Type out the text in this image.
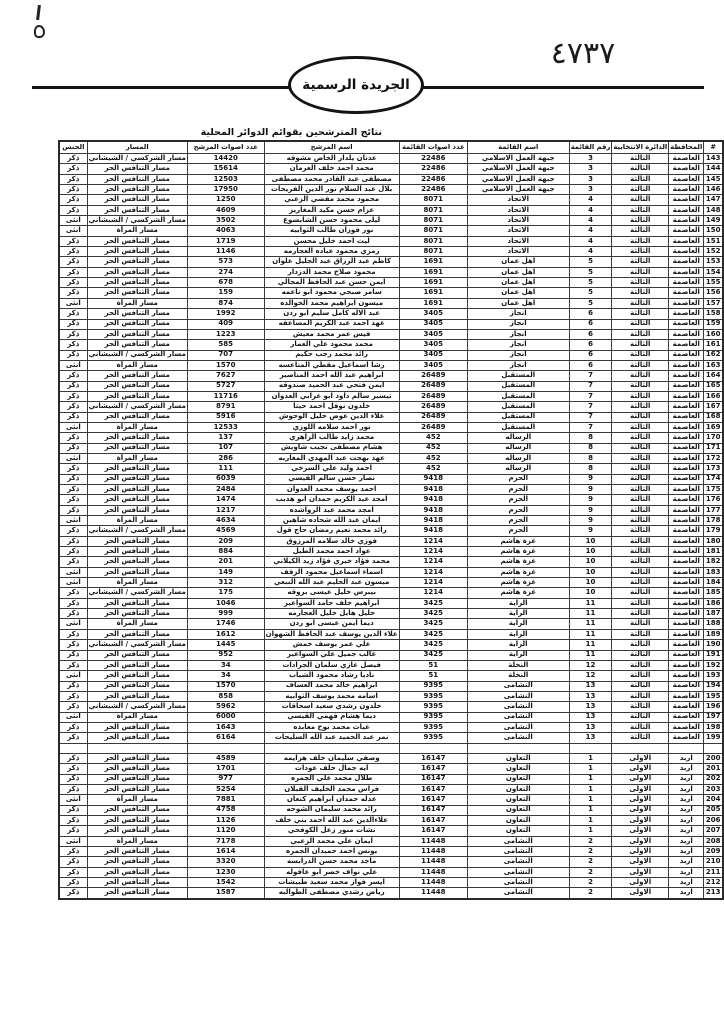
٤٧٣٧
الجريدة الرسمية
نتائج المترشحين بقوائم الدوائر المحلية
#	المحافظة	الدائرة الانتخابية	رقم القائمة	اسم القائمة	عدد اصوات القائمة	اسم المرشح	عدد اصوات المرشح	المسار	الجنس
143	العاصمة	الثالثة	3	جبهة العمل الاسلامي	22486	عدنان يلدار الخاص مشوقه	14420	مسار الشركسي / الشيشاني	ذكر
144	العاصمة	الثالثة	3	جبهة العمل الاسلامي	22486	محمد احمد خلف العرمان	15614	مسار التنافس الحر	ذكر
145	العاصمة	الثالثة	3	جبهة العمل الاسلامي	22486	مصطفى عبد القادر محمد مصطفى	12503	مسار التنافس الحر	ذكر
146	العاصمة	الثالثة	3	جبهة العمل الاسلامي	22486	بلال عبد السلام نور الدين الفريحات	17950	مسار التنافس الحر	ذكر
147	العاصمة	الثالثة	4	الاتحاد	8071	محمود محمد مفضي الزعبي	1250	مسار التنافس الحر	ذكر
148	العاصمة	الثالثة	4	الاتحاد	8071	عزام حسن مكيد المغاريز	4609	مسار التنافس الحر	ذكر
149	العاصمة	الثالثة	4	الاتحاد	8071	ليلى محمود حسن الشابسوغ	3502	مسار الشركسي / الشيشاني	انثى
150	العاصمة	الثالثة	4	الاتحاد	8071	نور فوزان طالب الثوابيه	4063	مسار المرأة	انثى
151	العاصمة	الثالثة	4	الاتحاد	8071	ليث احمد خليل محسن	1719	مسار التنافس الحر	ذكر
152	العاصمة	الثالثة	4	الاتحاد	8071	رمزي محمود عباده العجارمه	1146	مسار التنافس الحر	ذكر
153	العاصمة	الثالثة	5	اهل عمان	1691	كاظم عبد الرزاق عبد الجليل علوان	573	مسار التنافس الحر	ذكر
154	العاصمة	الثالثة	5	اهل عمان	1691	محمود صلاح محمد الدزدار	274	مسار التنافس الحر	ذكر
155	العاصمة	الثالثة	5	اهل عمان	1691	ايمن حسن عبد الحافظ المجالي	678	مسار التنافس الحر	ذكر
156	العاصمة	الثالثة	5	اهل عمان	1691	سامر صبحي محمود ابو ناعمه	159	مسار التنافس الحر	ذكر
157	العاصمة	الثالثة	5	اهل عمان	1691	ميسون ابراهيم محمد الخوالده	874	مسار المرأة	انثى
158	العاصمة	الثالثة	6	انجاز	3405	عبد الاله كامل سليم ابو ردن	1992	مسار التنافس الحر	ذكر
159	العاصمة	الثالثة	6	انجاز	3405	عهد احمد عبد الكريم المساعفه	409	مسار التنافس الحر	ذكر
160	العاصمة	الثالثة	6	انجاز	3405	قيس عمر محمد معيش	1223	مسار التنافس الحر	ذكر
161	العاصمة	الثالثة	6	انجاز	3405	محمد محمود علي العمار	585	مسار التنافس الحر	ذكر
162	العاصمة	الثالثة	6	انجاز	3405	رائد محمد رجب حكيم	707	مسار الشركسي / الشيشاني	ذكر
163	العاصمة	الثالثة	6	انجاز	3405	رشا اسماعيل مقطي المناعسه	1570	مسار المرأة	انثى
164	العاصمة	الثالثة	7	المستقبل	26489	ابراهيم عبد الله احمد المناصير	7627	مسار التنافس الحر	ذكر
165	العاصمة	الثالثة	7	المستقبل	26489	ايمن فتحي عبد الحميد صندوقه	5727	مسار التنافس الحر	ذكر
166	العاصمة	الثالثة	7	المستقبل	26489	تيسير سالم داود ابو عرابي العدوان	11716	مسار التنافس الحر	ذكر
167	العاصمة	الثالثة	7	المستقبل	26489	خلدون نوفل احمد حينا	8791	مسار الشركسي / الشيشاني	ذكر
168	العاصمة	الثالثة	7	المستقبل	26489	علاء الدين عوض خليل الوحوش	5916	مسار التنافس الحر	ذكر
169	العاصمة	الثالثة	7	المستقبل	26489	نور احمد سلامه اللوزي	12533	مسار المرأة	انثى
170	العاصمة	الثالثة	8	الرساله	452	محمد زايد طالب الزاهري	137	مسار التنافس الحر	ذكر
171	العاصمة	الثالثة	8	الرساله	452	هشام مصطفى نجيب شاويش	107	مسار التنافس الحر	ذكر
172	العاصمة	الثالثة	8	الرساله	452	عهد بهجت عبد المهدي المغاربه	286	مسار المرأة	انثى
173	العاصمة	الثالثة	8	الرساله	452	احمد وليد علي السرخي	111	مسار التنافس الحر	ذكر
174	العاصمة	الثالثة	9	الحزم	9418	نصار حسن سالم القيسي	6039	مسار التنافس الحر	ذكر
175	العاصمة	الثالثة	9	الحزم	9418	احمد يوسف محمد العدوان	2484	مسار التنافس الحر	ذكر
176	العاصمة	الثالثة	9	الحزم	9418	امجد عبد الكريم حمدان ابو هديب	1474	مسار التنافس الحر	ذكر
177	العاصمة	الثالثة	9	الحزم	9418	امجد محمد عبد الرواشده	1217	مسار التنافس الحر	ذكر
178	العاصمة	الثالثة	9	الحزم	9418	ايمان عبد الله شحاده شاهين	4634	مسار المرأة	انثى
179	العاصمة	الثالثة	9	الحزم	9418	رائد محمد نعيم رمضان حاج قول	4569	مسار الشركسي / الشيشاني	ذكر
180	العاصمة	الثالثة	10	غزة هاشم	1214	فوزي خالد سلامه المرزوق	209	مسار التنافس الحر	ذكر
181	العاصمة	الثالثة	10	غزة هاشم	1214	عواد احمد محمد الطيل	884	مسار التنافس الحر	ذكر
182	العاصمة	الثالثة	10	غزة هاشم	1214	محمد فؤاد خيري فؤاد زيد الكيلاني	201	مسار التنافس الحر	ذكر
183	العاصمة	الثالثة	10	غزة هاشم	1214	اسماء اسماعيل محمود الزقف	149	مسار التنافس الحر	انثى
184	العاصمة	الثالثة	10	غزة هاشم	1214	ميسون عبد الحليم عبد الله النبعي	312	مسار المرأة	انثى
185	العاصمة	الثالثة	10	غزة هاشم	1214	بيبرس خليل عيسى بروقه	175	مسار الشركسي / الشيشاني	ذكر
186	العاصمة	الثالثة	11	الراية	3425	ابراهيم خلف حامد السواعير	1046	مسار التنافس الحر	ذكر
187	العاصمة	الثالثة	11	الراية	3425	خليل هايل خليل العجارمه	999	مسار التنافس الحر	ذكر
188	العاصمة	الثالثة	11	الراية	3425	ديما ايمن عيسى ابو ردن	1746	مسار المرأة	انثى
189	العاصمة	الثالثة	11	الراية	3425	علاء الدين يوسف عبد الحافظ الشهوان	1612	مسار التنافس الحر	ذكر
190	العاصمة	الثالثة	11	الراية	3425	علي عمر يوسف خمش	1445	مسار الشركسي / الشيشاني	ذكر
191	العاصمة	الثالثة	11	الراية	3425	غالب جميل علي السواعير	952	مسار التنافس الحر	ذكر
192	العاصمة	الثالثة	12	النخلة	51	فيصل غازي سلمان الجرادات	34	مسار التنافس الحر	ذكر
193	العاصمة	الثالثة	12	النخلة	51	ناديا رشاد محمود الشياب	34	مسار التنافس الحر	انثى
194	العاصمة	الثالثة	13	النشامى	9395	ابراهيم خالد محمد العساف	1570	مسار التنافس الحر	ذكر
195	العاصمة	الثالثة	13	النشامى	9395	اسامه محمد يوسف الثوابيه	858	مسار التنافس الحر	ذكر
196	العاصمة	الثالثة	13	النشامى	9395	خلدون رشدي سعيد اسحاقات	5962	مسار الشركسي / الشيشاني	ذكر
197	العاصمة	الثالثة	13	النشامى	9395	ديما هشام فهمي القيسي	6000	مسار المرأة	انثى
198	العاصمة	الثالثة	13	النشامى	9395	غياث محمد نوح معابده	1643	مسار التنافس الحر	ذكر
199	العاصمة	الثالثة	13	النشامى	9395	نمر عبد الحميد عبد الله السليحات	6164	مسار التنافس الحر	ذكر

200	اربد	الاولى	1	التعاون	16147	وصفي سليمان خلف هزايمه	4589	مسار التنافس الحر	ذكر
201	اربد	الاولى	1	التعاون	16147	ايه جمال خلف عودات	1701	مسار التنافس الحر	ذكر
202	اربد	الاولى	1	التعاون	16147	طلال محمد علي الجمره	977	مسار التنافس الحر	ذكر
203	اربد	الاولى	1	التعاون	16147	فراس محمد الخليف القبلان	5254	مسار التنافس الحر	ذكر
204	اربد	الاولى	1	التعاون	16147	عدله حمدان ابراهيم كنعان	7881	مسار المرأة	انثى
205	اربد	الاولى	1	التعاون	16147	رائد محمد سليمان الشوحه	4758	مسار التنافس الحر	ذكر
206	اربد	الاولى	1	التعاون	16147	علاءالدين عبد الله احمد بني خلف	1126	مسار التنافس الحر	ذكر
207	اربد	الاولى	1	التعاون	16147	نشات منور زعل الكوفحي	1120	مسار التنافس الحر	ذكر
208	اربد	الاولى	2	النشامى	11448	ايمان علي محمد الزعبي	7178	مسار المرأة	انثى
209	اربد	الاولى	2	النشامى	11448	يونس احمد حميدان الجمره	1614	مسار التنافس الحر	ذكر
210	اربد	الاولى	2	النشامى	11448	ماجد محمد حسن الدرابسه	3320	مسار التنافس الحر	ذكر
211	اربد	الاولى	2	النشامى	11448	علي نواف خضر ابو عاقوله	1230	مسار التنافس الحر	ذكر
212	اربد	الاولى	2	النشامى	11448	ايسر فواز محمد سعيد طبيشات	1542	مسار التنافس الحر	ذكر
213	اربد	الاولى	2	النشامى	11448	رياض رشدي مصطفى الطوالبه	1587	مسار التنافس الحر	ذكر
